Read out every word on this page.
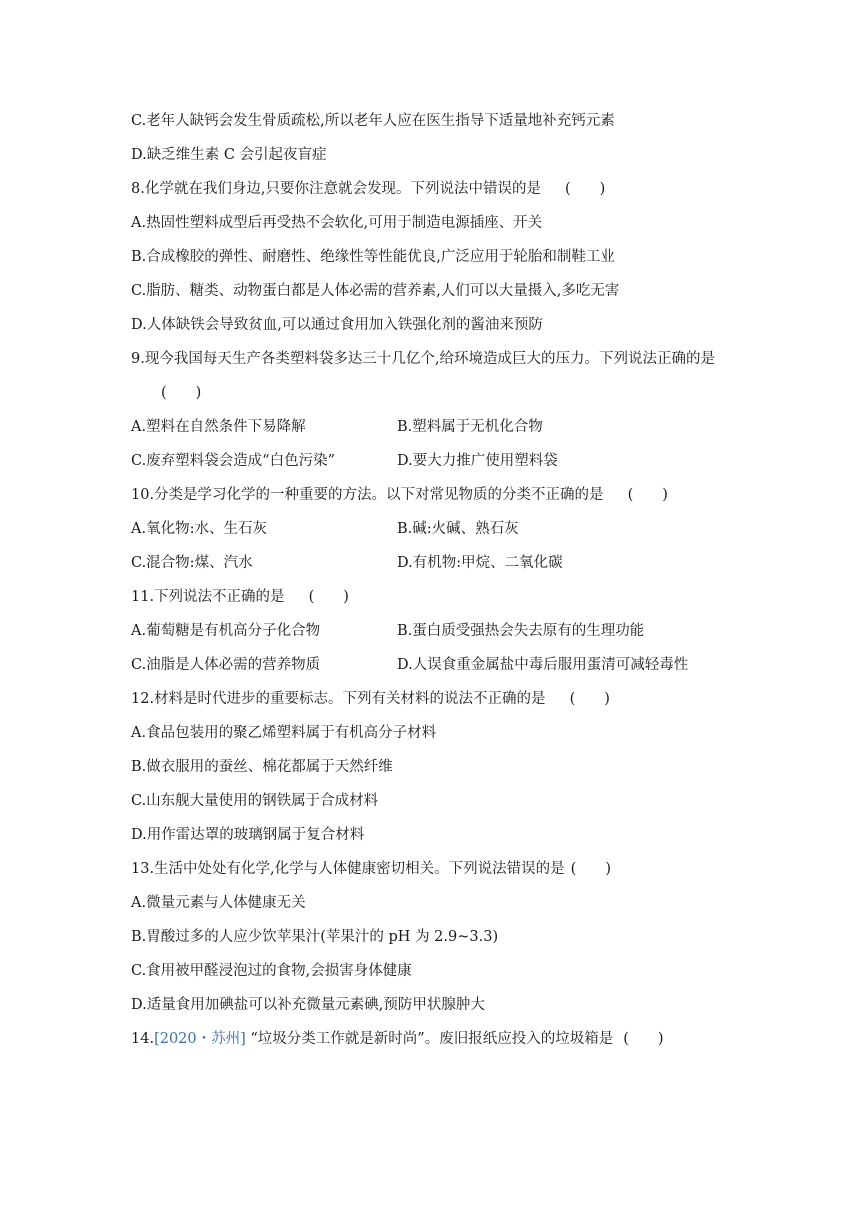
C.老年人缺钙会发生骨质疏松,所以老年人应在医生指导下适量地补充钙元素
D.缺乏维生素 C 会引起夜盲症
8.化学就在我们身边,只要你注意就会发现。下列说法中错误的是 (　　)
A.热固性塑料成型后再受热不会软化,可用于制造电源插座、开关
B.合成橡胶的弹性、耐磨性、绝缘性等性能优良,广泛应用于轮胎和制鞋工业
C.脂肪、糖类、动物蛋白都是人体必需的营养素,人们可以大量摄入,多吃无害
D.人体缺铁会导致贫血,可以通过食用加入铁强化剂的酱油来预防
9.现今我国每天生产各类塑料袋多达三十几亿个,给环境造成巨大的压力。下列说法正确的是
(　　)
A.塑料在自然条件下易降解	B.塑料属于无机化合物
C.废弃塑料袋会造成“白色污染”	D.要大力推广使用塑料袋
10.分类是学习化学的一种重要的方法。以下对常见物质的分类不正确的是 (　　)
A.氧化物:水、生石灰	B.碱:火碱、熟石灰
C.混合物:煤、汽水	D.有机物:甲烷、二氧化碳
11.下列说法不正确的是 (　　)
A.葡萄糖是有机高分子化合物	B.蛋白质受强热会失去原有的生理功能
C.油脂是人体必需的营养物质	D.人误食重金属盐中毒后服用蛋清可减轻毒性
12.材料是时代进步的重要标志。下列有关材料的说法不正确的是 (　　)
A.食品包装用的聚乙烯塑料属于有机高分子材料
B.做衣服用的蚕丝、棉花都属于天然纤维
C.山东舰大量使用的钢铁属于合成材料
D.用作雷达罩的玻璃钢属于复合材料
13.生活中处处有化学,化学与人体健康密切相关。下列说法错误的是 (　　)
A.微量元素与人体健康无关
B.胃酸过多的人应少饮苹果汁(苹果汁的 pH 为 2.9~3.3)
C.食用被甲醛浸泡过的食物,会损害身体健康
D.适量食用加碘盐可以补充微量元素碘,预防甲状腺肿大
14.[2020・苏州] “垃圾分类工作就是新时尚”。废旧报纸应投入的垃圾箱是 (　　)
